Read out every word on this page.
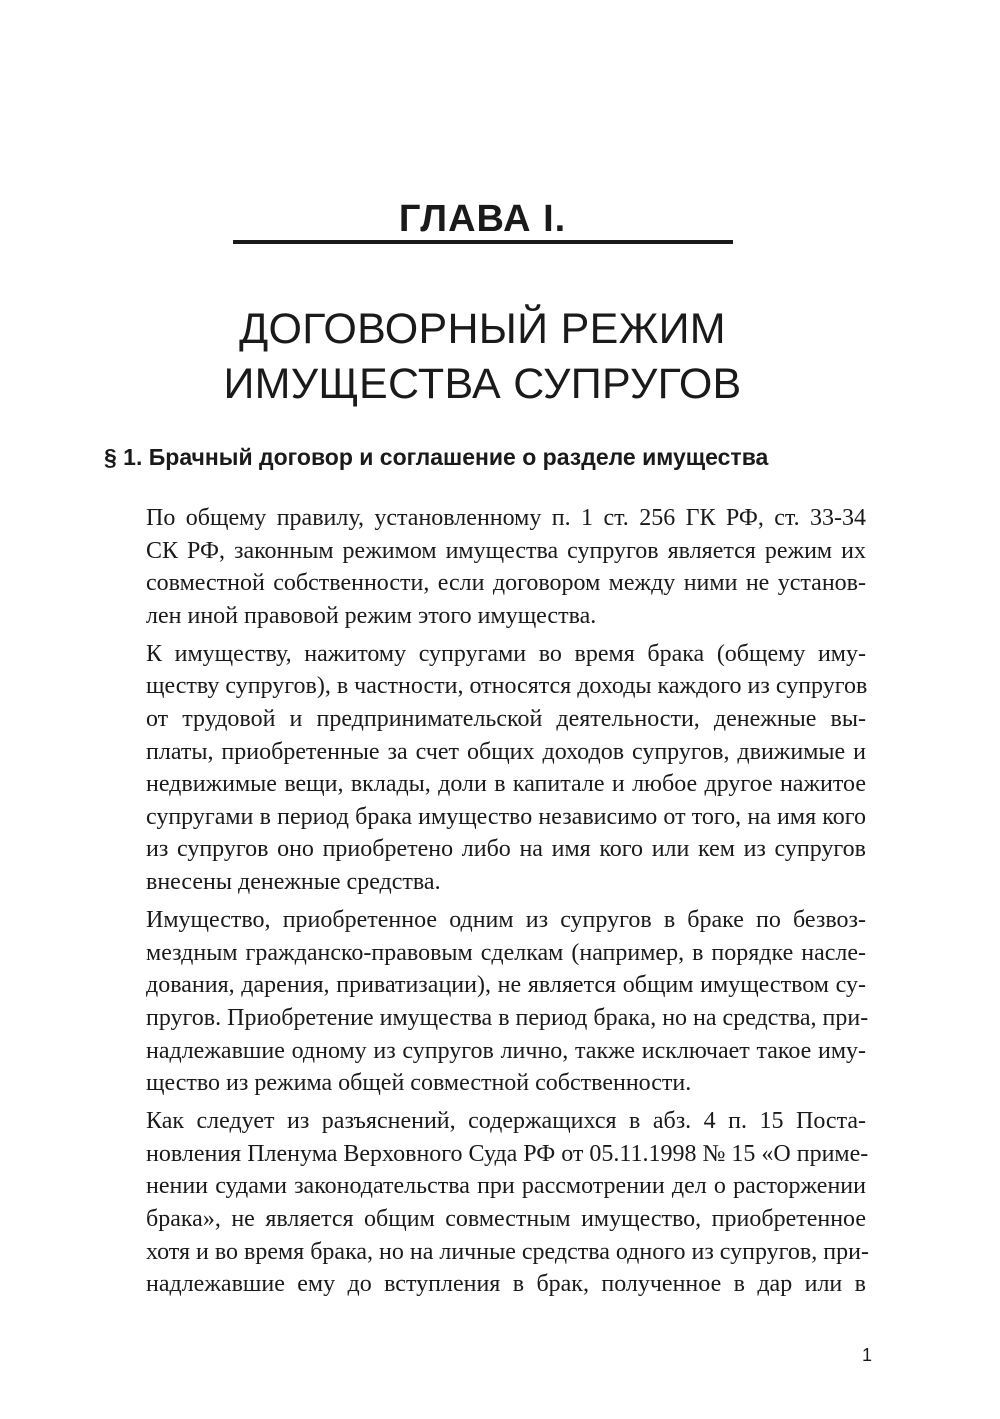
ГЛАВА I.
ДОГОВОРНЫЙ РЕЖИМ
ИМУЩЕСТВА СУПРУГОВ
§ 1. Брачный договор и соглашение о разделе имущества

По общему правилу, установленному п. 1 ст. 256 ГК РФ, ст. 33-34
СК РФ, законным режимом имущества супругов является режим их
совместной собственности, если договором между ними не установ-
лен иной правовой режим этого имущества.

К имуществу, нажитому супругами во время брака (общему иму-
ществу супругов), в частности, относятся доходы каждого из супругов
от трудовой и предпринимательской деятельности, денежные вы-
платы, приобретенные за счет общих доходов супругов, движимые и
недвижимые вещи, вклады, доли в капитале и любое другое нажитое
супругами в период брака имущество независимо от того, на имя кого
из супругов оно приобретено либо на имя кого или кем из супругов
внесены денежные средства.

Имущество, приобретенное одним из супругов в браке по безвоз-
мездным гражданско-правовым сделкам (например, в порядке насле-
дования, дарения, приватизации), не является общим имуществом су-
пругов. Приобретение имущества в период брака, но на средства, при-
надлежавшие одному из супругов лично, также исключает такое иму-
щество из режима общей совместной собственности.

Как следует из разъяснений, содержащихся в абз. 4 п. 15 Поста-
новления Пленума Верховного Суда РФ от 05.11.1998 № 15 «О приме-
нении судами законодательства при рассмотрении дел о расторжении
брака», не является общим совместным имущество, приобретенное
хотя и во время брака, но на личные средства одного из супругов, при-
надлежавшие ему до вступления в брак, полученное в дар или в

1
